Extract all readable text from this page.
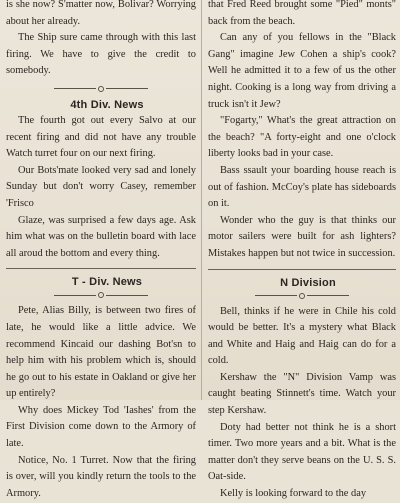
is she now? S'matter now, Bolivar? Worrying about her already.

The Ship sure came through with this last firing. We have to give the credit to somebody.

4th Div. News

The fourth got out every Salvo at our recent firing and did not have any trouble Watch turret four on our next firing.

Our Bots'mate looked very sad and lonely Sunday but don't worry Casey, remember 'Frisco

Glaze, was surprised a few days age. Ask him what was on the bulletin board with lace all aroud the bottom and every thing.

T - Div. News

Pete, Alias Billy, is between two fires of late, he would like a little advice. We recommend Kincaid our dashing Bot'sn to help him with his problem which is, should he go out to his estate in Oakland or give her up entirely?

Why does Mickey Tod 'Iashes' from the First Division come down to the Armory of late.

Notice, No. 1 Turret. Now that the firing is over, will you kindly return the tools to the Armory.

that Fred Reed brought some "Pied" monts" back from the beach.

Can any of you fellows in the "Black Gang" imagine Jew Cohen a ship's cook? Well he admitted it to a few of us the other night. Cooking is a long way from driving a truck isn't it Jew?

"Fogarty," What's the great attraction on the beach? "A forty-eight and one o'clock liberty looks bad in your case.

Bass ssault your boarding house reach is out of fashion. McCoy's plate has sideboards on it.

Wonder who the guy is that thinks our motor sailers were built for ash lighters? Mistakes happen but not twice in succession.

N Division

Bell, thinks if he were in Chile his cold would be better. It's a mystery what Black and White and Haig and Haig can do for a cold.

Kershaw the "N" Division Vamp was caught beating Stinnett's time. Watch your step Kershaw.

Doty had better not think he is a short timer. Two more years and a bit. What is the matter don't they serve beans on the U. S. S. Oat-side.

Kelly is looking forward to the day
